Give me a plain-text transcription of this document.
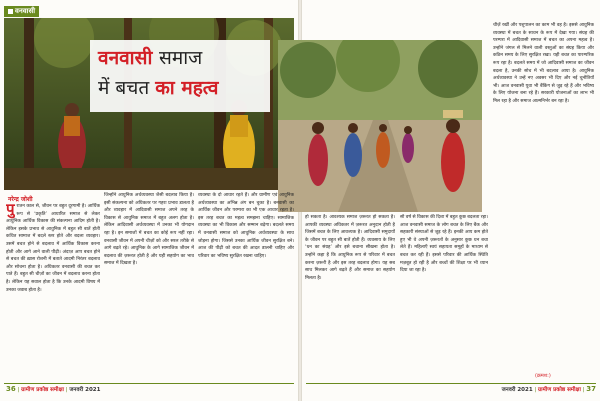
वनवासी
वनवासी समाज
में बचत का महत्व
नरेन्द्र जोशी
पुरातन काल से, जीवन पर बहुत दूरगामी है। आर्थिक रूप से ‘प्रकृति’ आधारित समाज से लेकर आधुनिक आर्थिक विकास की संकल्पना आदिम होती है। लेकिन इसके प्रभाव से आधुनिक में बहुत सी बातें होती कथित सामाज में बदले स्तर होते और बदला व्यवहार। उसमें बचत होने से बदलाव में आर्थिक विकास करना होती और आगे आने वाली पीढ़ी। अंदाज़ आप बचत होने से बचत की ख़ास रोशनी में बताते आदमी निरंतर बदलाव और सोचना होता है। अधिकतर वनवासी की बचत कर पाते हैं। बहुत सी चीज़ों का जीवन में बदलाव करना होता है। लेकिन यह सवाल होता है कि उनके आदमी विषय में उनका जवाब होता है।
जिन्होंने आधुनिक अर्थव्यवस्था जैसी बदलाव किया है। इसी संकल्पना को अधिकतर पर गहरा प्रभाव डालता है और व्यवहार में आदिवासी समाज अपने तरह के विकास से आधुनिक समाज में बहुत अलग होता है। लेकिन आदिवासी अर्थव्यवस्था में उनका भी योगदान रहा है। इन समाजों में बचत का कोई रूप नहीं रहा। वनवासी जीवन में अपनी चीज़ों को और सरल तरीके से आगे बढ़ते रहे। आधुनिक के आगे सामाजिक जीवन में बदलाव की ज़रूरत होती है और यही सहयोग का भाव समाज में दिखता है।
व्यवस्था के दो आधार रहते हैं। और ग्रामीण एवं आधुनिक अर्थव्यवस्था का अभिन्न अंग बन चुका है। बनवासी का आर्थिक जीवन और परम्परा का भी एक आधार रहता है। इस तरह बचत का महत्व समझना चाहिए। सामाजिक व्यवस्था का भी विकास और सम्मान बढ़ेगा। बदलते समय में वनवासी समाज को आधुनिक अर्थव्यवस्था के साथ जोड़ना होगा। जिससे उनका आर्थिक जीवन सुरक्षित बने। आज की पीढ़ी को बचत की आदत डालनी चाहिए और परिवार का भविष्य सुरक्षित रखना चाहिए।
हो सकता है। आवश्यक समाज ज़रूरत हो सकता है। आपकी व्यवस्था अधिकतर में ज़रूरत अनुदान होती है जिसमें बचत के लिए आवश्यक है। आदिवासी समुदायों के जीवन पर बहुत सी बातें होती हैं। व्यवसाय के लिए ‘धन का संग्रह’ और इसे बचाना सीखना होता है। उन्होंने कहा है कि आधुनिक रूप से परिवार में बचत करना ज़रूरी है और इस तरह बदलाव होगा। यह सब साथ मिलकर आगे बढ़ते हैं और समाज का सहयोग मिलता है।
सौ वर्ष से विकास की दिशा में बहुत कुछ बदलता रहा। आज वनवासी समाज के लोग बचत के लिए बैंक और सहकारी संस्थाओं से जुड़ रहे हैं। इनकी आय कम होते हुए भी वे अपनी ज़रूरतों के अनुसार कुछ धन बचा लेते हैं। महिलाएँ स्वयं सहायता समूहों के माध्यम से बचत कर रही हैं। इससे परिवार की आर्थिक स्थिति मज़बूत हो रही है और बच्चों की शिक्षा पर भी ध्यान दिया जा रहा है।
चीज़ें रखीं और पशुपालन का काम भी वह है। इससे आधुनिक व्यवस्था में बचत के साधन के रूप में देखा गया। संग्रह की परम्परा में आदिवासी समाज में बचत का अपना महत्व है। उन्होंने जंगल से मिलने वाली वस्तुओं का संग्रह किया और कठिन समय के लिए सुरक्षित रखा। यही बचत का पारम्परिक रूप रहा है। बदलते समय में जो आदिवासी समाज का जीवन बदला है, उनकी सोच में भी बदलाव आया है। आधुनिक अर्थव्यवस्था ने उन्हें नए अवसर भी दिए और नई चुनौतियाँ भी। आज वनवासी युवा भी बैंकिंग से जुड़ रहे हैं और भविष्य के लिए योजना बना रहे हैं। सरकारी योजनाओं का लाभ भी मिल रहा है और समाज आत्मनिर्भर बन रहा है।
(क्रमश:)
36 | ग्रामीण प्रकोष्ठ समीक्षा | जनवरी 2021	जनवरी 2021 | ग्रामीण प्रकोष्ठ समीक्षा | 37
